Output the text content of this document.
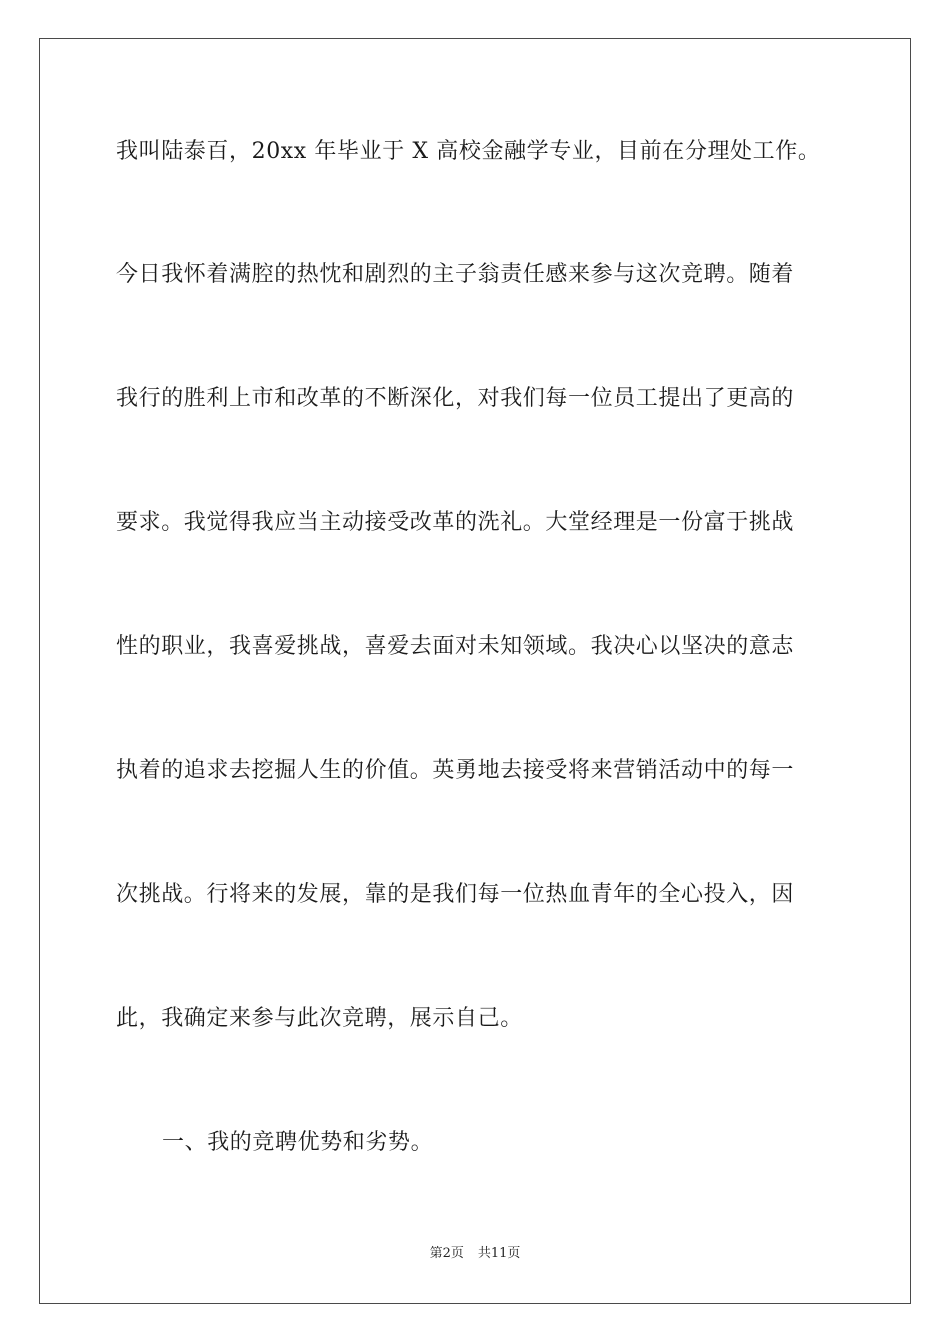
我叫陆泰百，20xx 年毕业于 X 高校金融学专业，目前在分理处工作。
今日我怀着满腔的热忱和剧烈的主子翁责任感来参与这次竞聘。随着
我行的胜利上市和改革的不断深化，对我们每一位员工提出了更高的
要求。我觉得我应当主动接受改革的洗礼。大堂经理是一份富于挑战
性的职业，我喜爱挑战，喜爱去面对未知领域。我决心以坚决的意志
执着的追求去挖掘人生的价值。英勇地去接受将来营销活动中的每一
次挑战。行将来的发展，靠的是我们每一位热血青年的全心投入，因
此，我确定来参与此次竞聘，展示自己。
一、我的竞聘优势和劣势。
第2页 共11页
